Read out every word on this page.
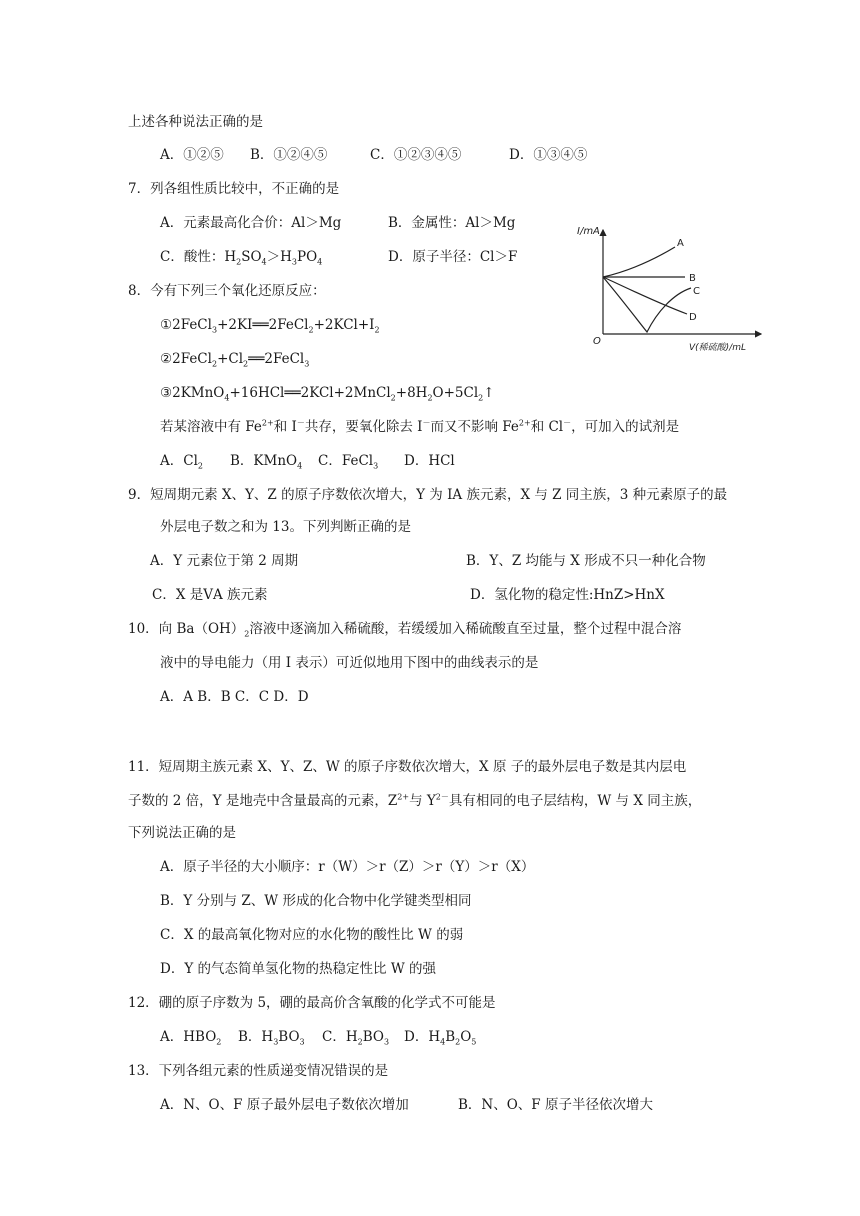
上述各种说法正确的是
A．①②⑤ B．①②④⑤	C．①②③④⑤	D．①③④⑤
7．列各组性质比较中，不正确的是
A．元素最高化合价：Al＞Mg	B．金属性：Al＞Mg
C．酸性：$H_2SO_4>H_3PO_4$	D．原子半径：Cl＞F
I/mA
O
V(稀硫酸)/mL
A
B
C
D
8．今有下列三个氧化还原反应：
$①2FeCl_3+2KI══2FeCl_2+2KCl+I_2$
$②2FeCl_2+Cl_2══2FeCl_3$
$③2KMnO_4+16HCl══2KCl+2MnCl_2+8H_2O+5Cl_2↑$
若某溶液中有 $Fe^{2+}$和 I－共存，要氧化除去 I－而又不影响 $Fe^{2+}$和 Cl－，可加入的试剂是
A．$Cl_2$ B．KMnO$_4$ C．FeCl$_3$ D．HCl
9．短周期元素 X、Y、Z 的原子序数依次增大，Y 为 IA 族元素，X 与 Z 同主族，3 种元素原子的最
外层电子数之和为 13。下列判断正确的是
A．Y 元素位于第 2 周期	B．Y、Z 均能与 X 形成不只一种化合物
C．X 是ⅤA 族元素	D．氢化物的稳定性:HnZ>HnX
10．向 $Ba(OH)_2$溶液中逐滴加入稀硫酸，若缓缓加入稀硫酸直至过量，整个过程中混合溶
液中的导电能力（用 I 表示）可近似地用下图中的曲线表示的是
A．A B．B C．C D．D
11．短周期主族元素 X、Y、Z、W 的原子序数依次增大，X 原 子的最外层电子数是其内层电
子数的 2 倍，Y 是地壳中含量最高的元素，$Z^{2+}$与 $Y^{2-}$具有相同的电子层结构，W 与 X 同主族，
下列说法正确的是
A．原子半径的大小顺序：r（W）＞r（Z）＞r（Y）＞r（X）
B．Y 分别与 Z、W 形成的化合物中化学键类型相同
C．X 的最高氧化物对应的水化物的酸性比 W 的弱
D．Y 的气态简单氢化物的热稳定性比 W 的强
12．硼的原子序数为 5，硼的最高价含氧酸的化学式不可能是
A．$HBO_2$ B．$H_3BO_3$ C．$H_2BO_3$ D．$H_4B_2O_5$
13．下列各组元素的性质递变情况错误的是
A．N、O、F 原子最外层电子数依次增加	B．N、O、F 原子半径依次增大
